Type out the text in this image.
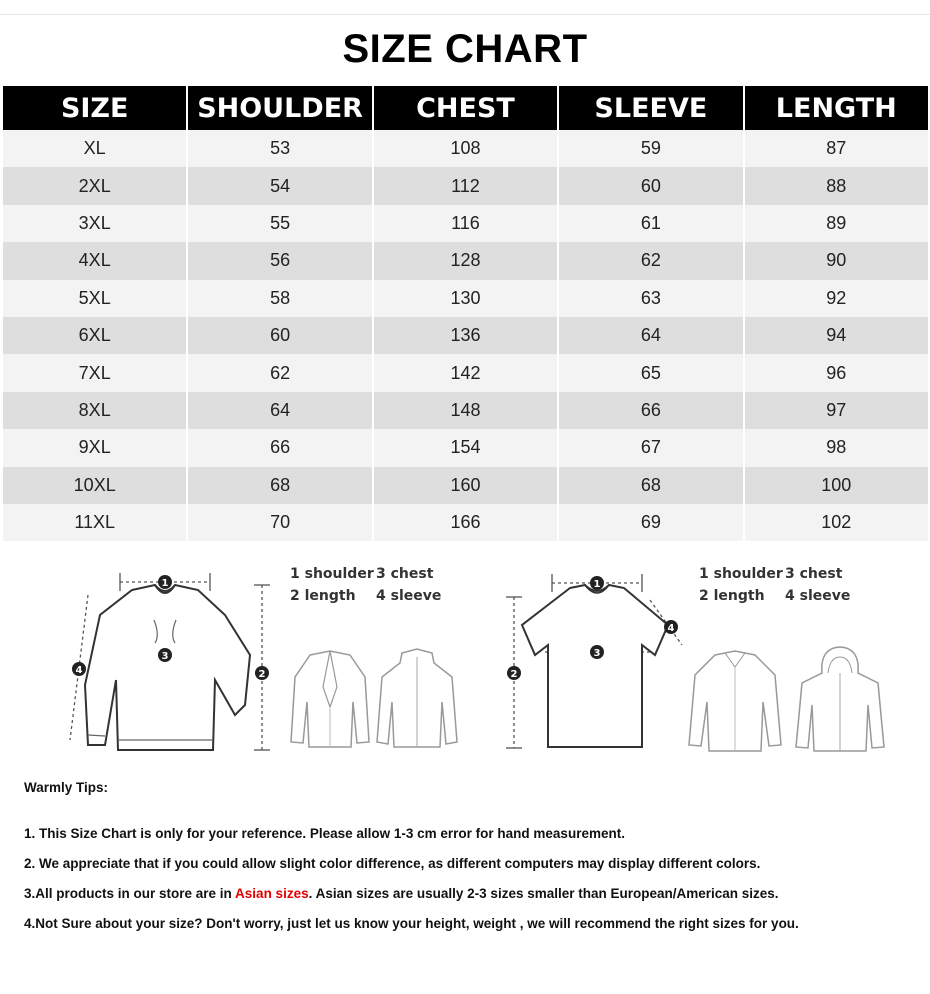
SIZE CHART
SIZE	SHOULDER	CHEST	SLEEVE	LENGTH
XL	53	108	59	87
2XL	54	112	60	88
3XL	55	116	61	89
4XL	56	128	62	90
5XL	58	130	63	92
6XL	60	136	64	94
7XL	62	142	65	96
8XL	64	148	66	97
9XL	66	154	67	98
10XL	68	160	68	100
11XL	70	166	69	102
1
3
2
4
1 shoulder 3 chest
2 length 4 sleeve
1
3
2
4
1 shoulder 3 chest
2 length 4 sleeve
Warmly Tips:
1. This Size Chart is only for your reference. Please allow 1-3 cm error for hand measurement.
2. We appreciate that if you could allow slight color difference, as different computers may display different colors.
3.All products in our store are in Asian sizes. Asian sizes are usually 2-3 sizes smaller than European/American sizes.
4.Not Sure about your size? Don't worry, just let us know your height, weight , we will recommend the right sizes for you.
